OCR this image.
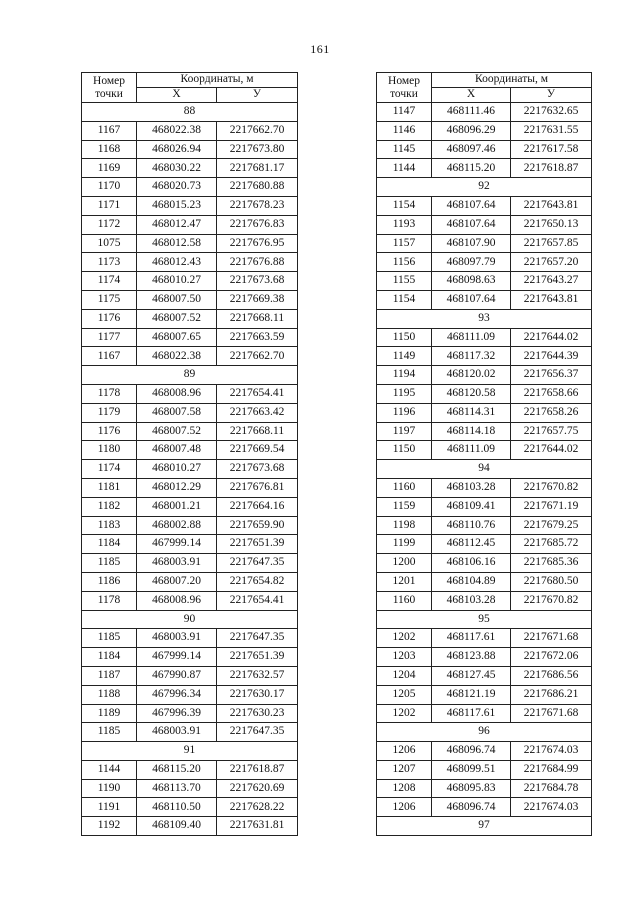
161
Номер
точки	Координаты, м	
	X	У
88		
1167	468022.38	2217662.70
1168	468026.94	2217673.80
1169	468030.22	2217681.17
1170	468020.73	2217680.88
1171	468015.23	2217678.23
1172	468012.47	2217676.83
1075	468012.58	2217676.95
1173	468012.43	2217676.88
1174	468010.27	2217673.68
1175	468007.50	2217669.38
1176	468007.52	2217668.11
1177	468007.65	2217663.59
1167	468022.38	2217662.70
89		
1178	468008.96	2217654.41
1179	468007.58	2217663.42
1176	468007.52	2217668.11
1180	468007.48	2217669.54
1174	468010.27	2217673.68
1181	468012.29	2217676.81
1182	468001.21	2217664.16
1183	468002.88	2217659.90
1184	467999.14	2217651.39
1185	468003.91	2217647.35
1186	468007.20	2217654.82
1178	468008.96	2217654.41
90		
1185	468003.91	2217647.35
1184	467999.14	2217651.39
1187	467990.87	2217632.57
1188	467996.34	2217630.17
1189	467996.39	2217630.23
1185	468003.91	2217647.35
91		
1144	468115.20	2217618.87
1190	468113.70	2217620.69
1191	468110.50	2217628.22
1192	468109.40	2217631.81
Номер
точки	Координаты, м	
	X	У
1147	468111.46	2217632.65
1146	468096.29	2217631.55
1145	468097.46	2217617.58
1144	468115.20	2217618.87
92		
1154	468107.64	2217643.81
1193	468107.64	2217650.13
1157	468107.90	2217657.85
1156	468097.79	2217657.20
1155	468098.63	2217643.27
1154	468107.64	2217643.81
93		
1150	468111.09	2217644.02
1149	468117.32	2217644.39
1194	468120.02	2217656.37
1195	468120.58	2217658.66
1196	468114.31	2217658.26
1197	468114.18	2217657.75
1150	468111.09	2217644.02
94		
1160	468103.28	2217670.82
1159	468109.41	2217671.19
1198	468110.76	2217679.25
1199	468112.45	2217685.72
1200	468106.16	2217685.36
1201	468104.89	2217680.50
1160	468103.28	2217670.82
95		
1202	468117.61	2217671.68
1203	468123.88	2217672.06
1204	468127.45	2217686.56
1205	468121.19	2217686.21
1202	468117.61	2217671.68
96		
1206	468096.74	2217674.03
1207	468099.51	2217684.99
1208	468095.83	2217684.78
1206	468096.74	2217674.03
97		
